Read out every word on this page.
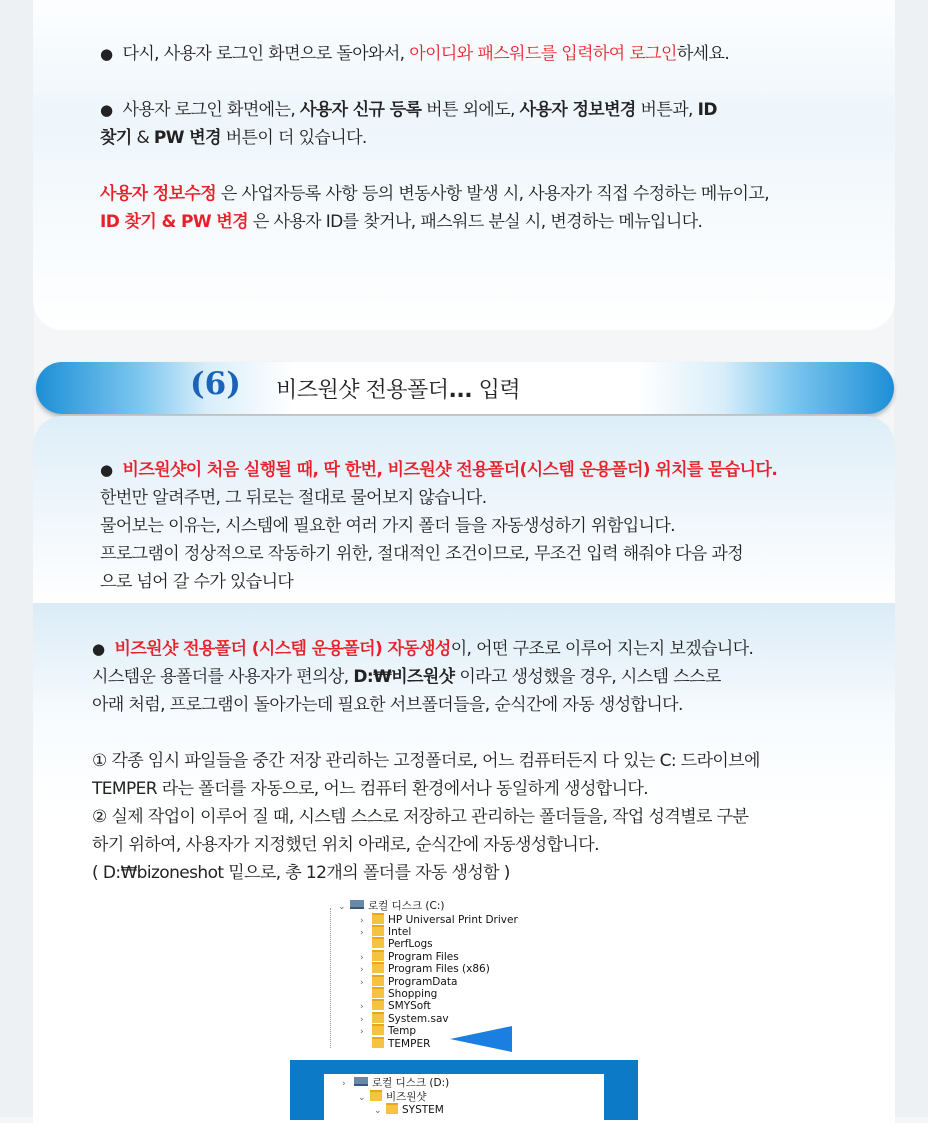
● 다시, 사용자 로그인 화면으로 돌아와서, 아이디와 패스워드를 입력하여 로그인하세요.
● 사용자 로그인 화면에는, 사용자 신규 등록 버튼 외에도, 사용자 정보변경 버튼과, ID
찾기 & PW 변경 버튼이 더 있습니다.
사용자 정보수정 은 사업자등록 사항 등의 변동사항 발생 시, 사용자가 직접 수정하는 메뉴이고,
ID 찾기 & PW 변경 은 사용자 ID를 찾거나, 패스워드 분실 시, 변경하는 메뉴입니다.
(6) 비즈원샷 전용폴더... 입력
● 비즈원샷이 처음 실행될 때, 딱 한번, 비즈원샷 전용폴더(시스템 운용폴더) 위치를 묻습니다.
한번만 알려주면, 그 뒤로는 절대로 물어보지 않습니다.
물어보는 이유는, 시스템에 필요한 여러 가지 폴더 들을 자동생성하기 위함입니다.
프로그램이 정상적으로 작동하기 위한, 절대적인 조건이므로, 무조건 입력 해줘야 다음 과정
으로 넘어 갈 수가 있습니다
● 비즈원샷 전용폴더 (시스템 운용폴더) 자동생성이, 어떤 구조로 이루어 지는지 보겠습니다.
시스템운 용폴더를 사용자가 편의상, D:₩비즈원샷 이라고 생성했을 경우, 시스템 스스로
아래 처럼, 프로그램이 돌아가는데 필요한 서브폴더들을, 순식간에 자동 생성합니다.
① 각종 임시 파일들을 중간 저장 관리하는 고정폴더로, 어느 컴퓨터든지 다 있는 C: 드라이브에
TEMPER 라는 폴더를 자동으로, 어느 컴퓨터 환경에서나 동일하게 생성합니다.
② 실제 작업이 이루어 질 때, 시스템 스스로 저장하고 관리하는 폴더들을, 작업 성격별로 구분
하기 위하여, 사용자가 지정했던 위치 아래로, 순식간에 자동생성합니다.
( D:₩bizoneshot 밑으로, 총 12개의 폴더를 자동 생성함 )
⌄ 로컬 디스크 (C:)
› HP Universal Print Driver
› Intel
PerfLogs
› Program Files
› Program Files (x86)
› ProgramData
Shopping
› SMYSoft
› System.sav
› Temp
TEMPER
›	로컬 디스크 (D:)
⌄ 비즈원샷
⌄ SYSTEM
